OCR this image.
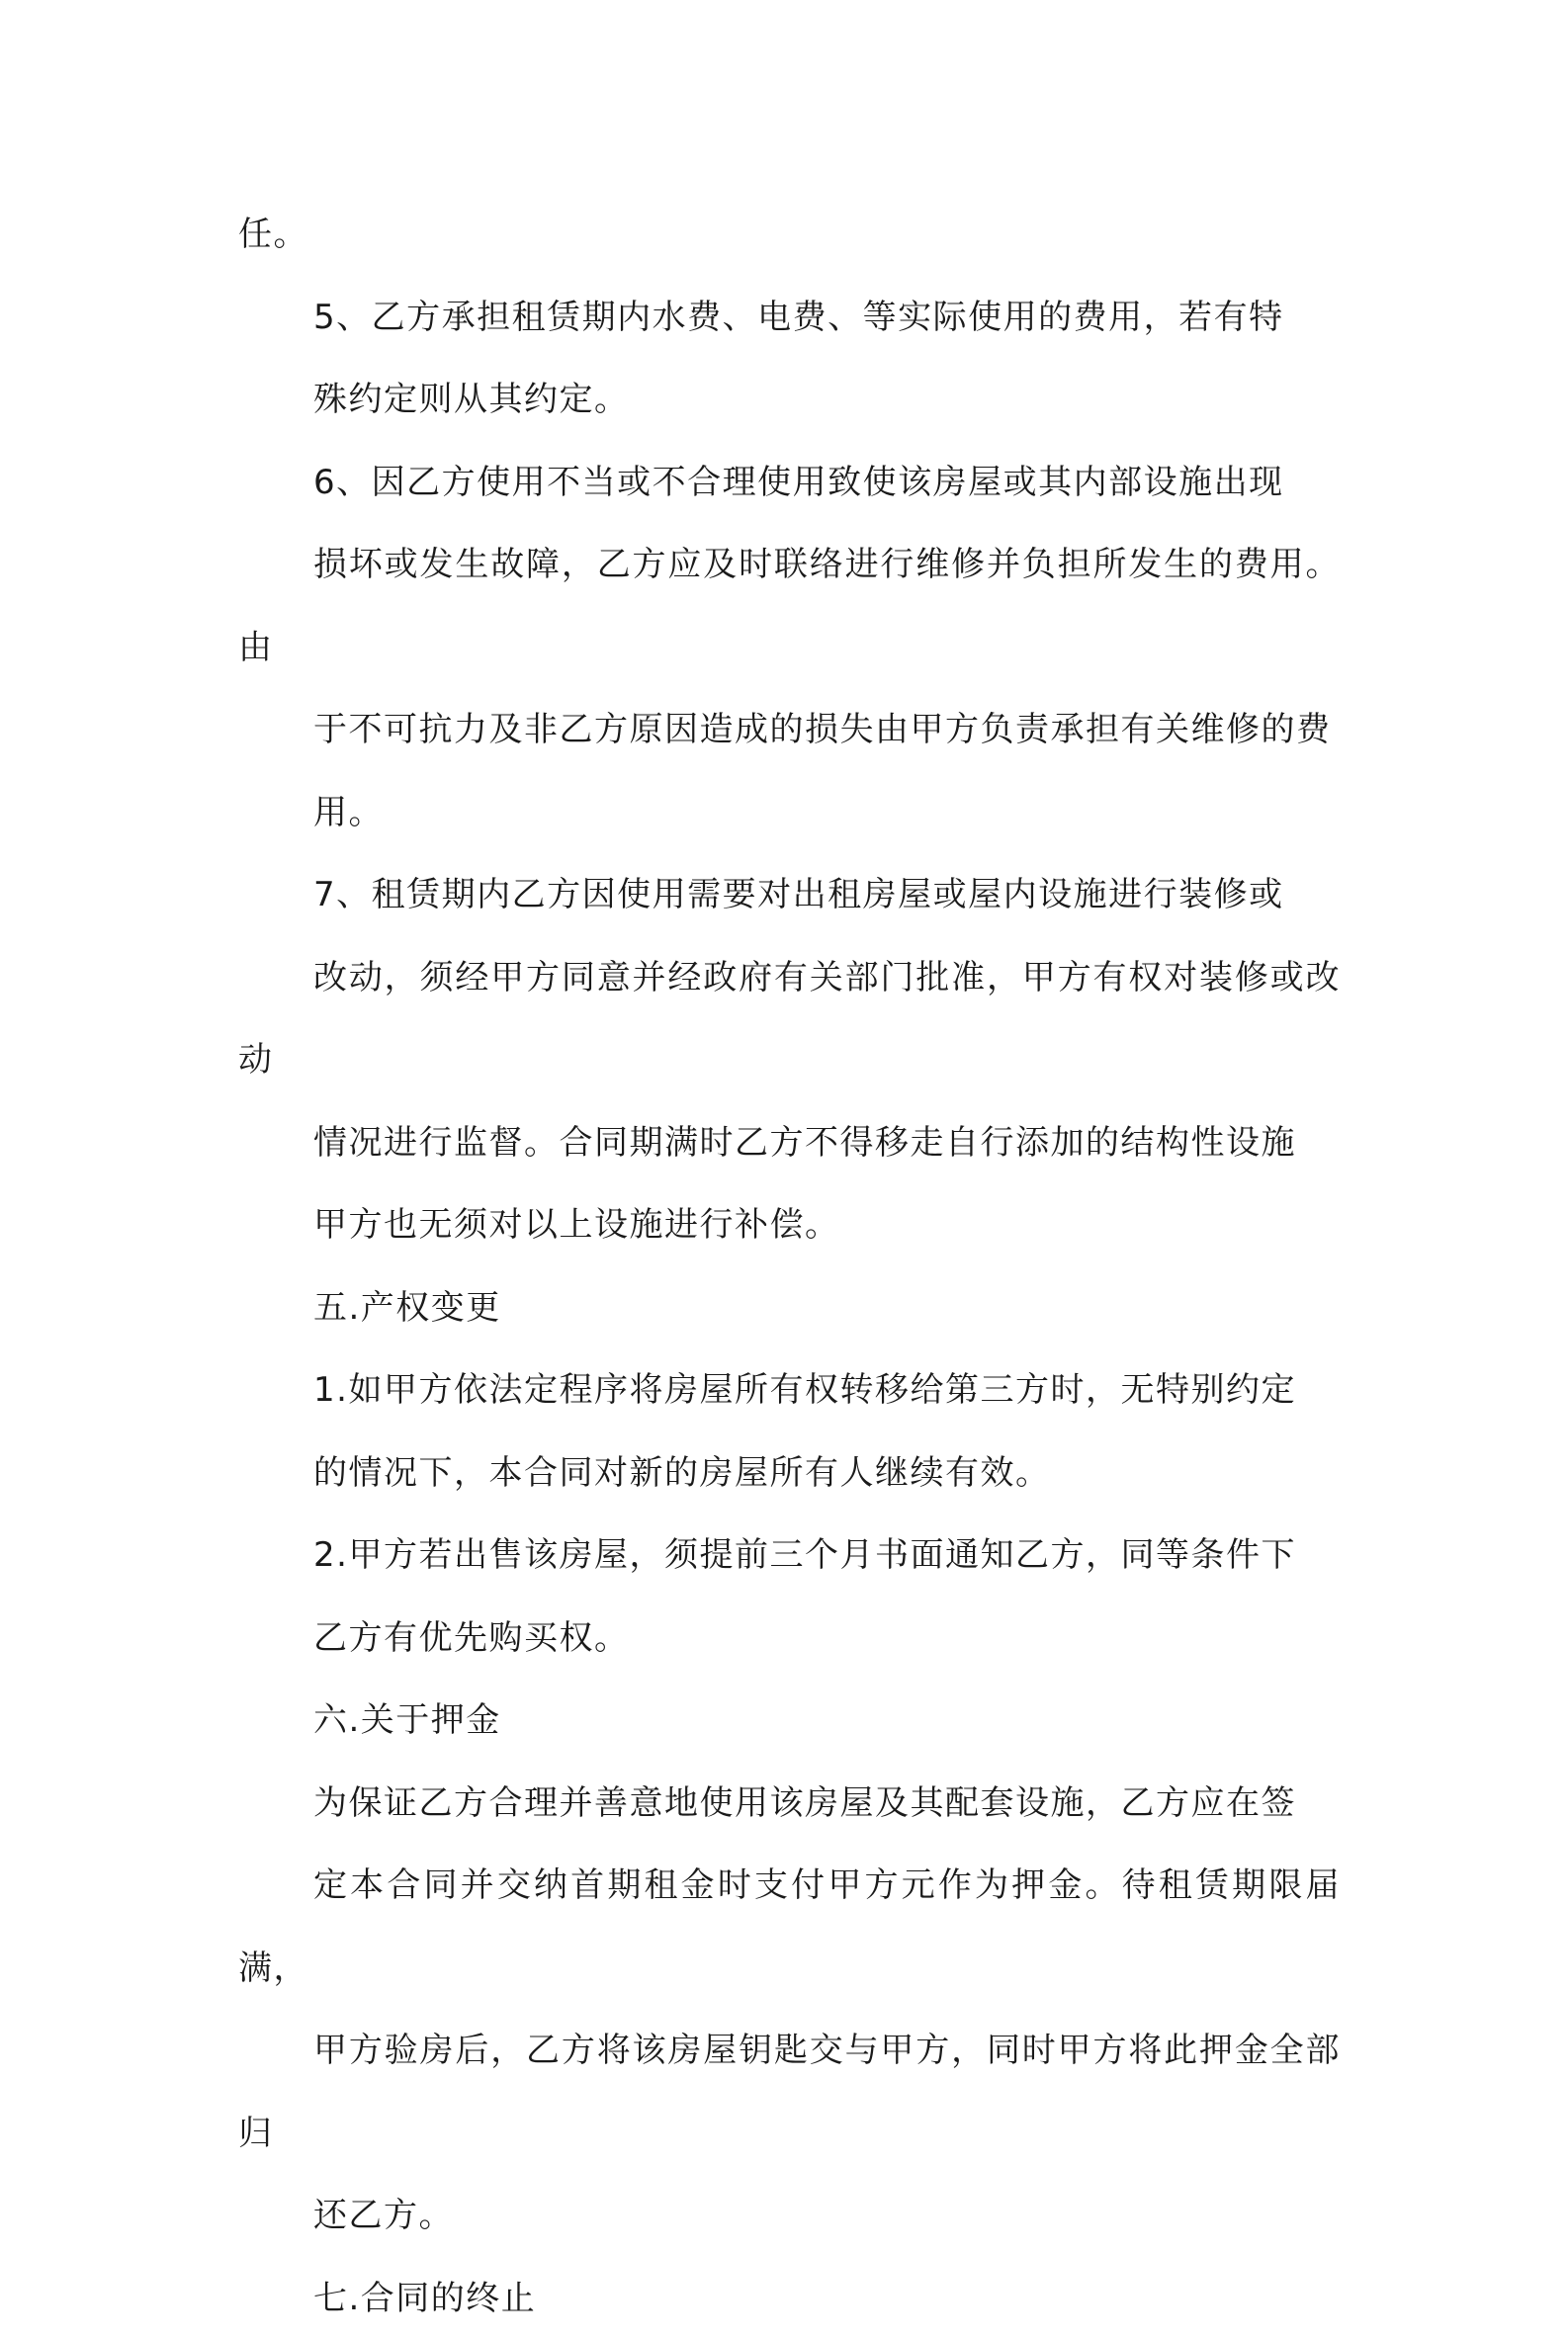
任。

5、乙方承担租赁期内水费、电费、等实际使用的费用，若有特
殊约定则从其约定。

6、因乙方使用不当或不合理使用致使该房屋或其内部设施出现
损坏或发生故障，乙方应及时联络进行维修并负担所发生的费用。由
于不可抗力及非乙方原因造成的损失由甲方负责承担有关维修的费
用。

7、租赁期内乙方因使用需要对出租房屋或屋内设施进行装修或
改动，须经甲方同意并经政府有关部门批准，甲方有权对装修或改动
情况进行监督。合同期满时乙方不得移走自行添加的结构性设施

甲方也无须对以上设施进行补偿。

五.产权变更

1.如甲方依法定程序将房屋所有权转移给第三方时，无特别约定
的情况下，本合同对新的房屋所有人继续有效。

2.甲方若出售该房屋，须提前三个月书面通知乙方，同等条件下
乙方有优先购买权。

六.关于押金

为保证乙方合理并善意地使用该房屋及其配套设施，乙方应在签
定本合同并交纳首期租金时支付甲方元作为押金。待租赁期限届满，
甲方验房后，乙方将该房屋钥匙交与甲方，同时甲方将此押金全部归
还乙方。

七.合同的终止
